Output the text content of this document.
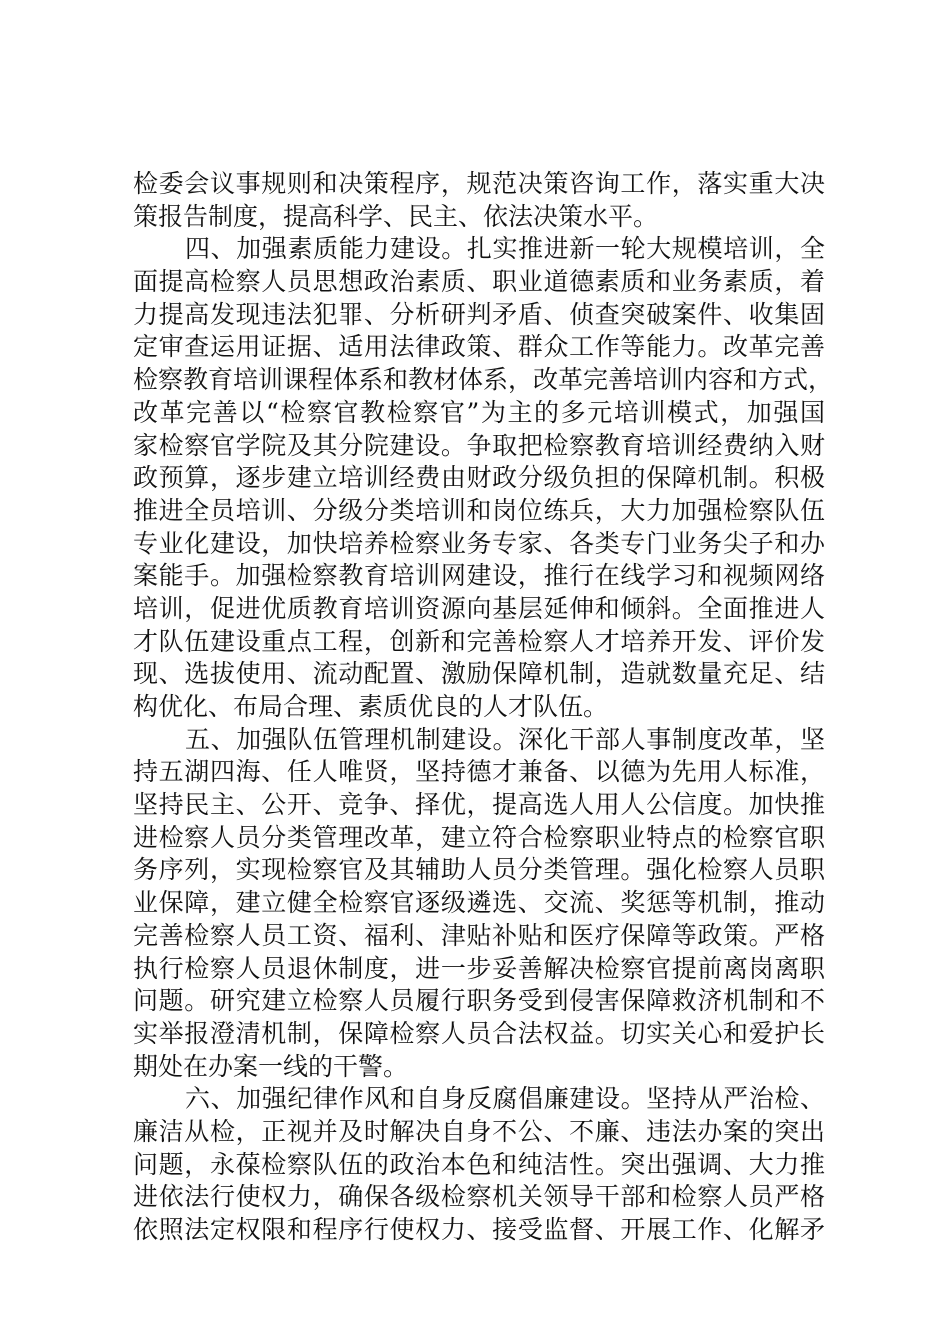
检委会议事规则和决策程序，规范决策咨询工作，落实重大决
策报告制度，提高科学、民主、依法决策水平。
四、加强素质能力建设。扎实推进新一轮大规模培训，全
面提高检察人员思想政治素质、职业道德素质和业务素质，着
力提高发现违法犯罪、分析研判矛盾、侦查突破案件、收集固
定审查运用证据、适用法律政策、群众工作等能力。改革完善
检察教育培训课程体系和教材体系，改革完善培训内容和方式，
改革完善以“检察官教检察官”为主的多元培训模式，加强国
家检察官学院及其分院建设。争取把检察教育培训经费纳入财
政预算，逐步建立培训经费由财政分级负担的保障机制。积极
推进全员培训、分级分类培训和岗位练兵，大力加强检察队伍
专业化建设，加快培养检察业务专家、各类专门业务尖子和办
案能手。加强检察教育培训网建设，推行在线学习和视频网络
培训，促进优质教育培训资源向基层延伸和倾斜。全面推进人
才队伍建设重点工程，创新和完善检察人才培养开发、评价发
现、选拔使用、流动配置、激励保障机制，造就数量充足、结
构优化、布局合理、素质优良的人才队伍。
五、加强队伍管理机制建设。深化干部人事制度改革，坚
持五湖四海、任人唯贤，坚持德才兼备、以德为先用人标准，
坚持民主、公开、竞争、择优，提高选人用人公信度。加快推
进检察人员分类管理改革，建立符合检察职业特点的检察官职
务序列，实现检察官及其辅助人员分类管理。强化检察人员职
业保障，建立健全检察官逐级遴选、交流、奖惩等机制，推动
完善检察人员工资、福利、津贴补贴和医疗保障等政策。严格
执行检察人员退休制度，进一步妥善解决检察官提前离岗离职
问题。研究建立检察人员履行职务受到侵害保障救济机制和不
实举报澄清机制，保障检察人员合法权益。切实关心和爱护长
期处在办案一线的干警。
六、加强纪律作风和自身反腐倡廉建设。坚持从严治检、
廉洁从检，正视并及时解决自身不公、不廉、违法办案的突出
问题，永葆检察队伍的政治本色和纯洁性。突出强调、大力推
进依法行使权力，确保各级检察机关领导干部和检察人员严格
依照法定权限和程序行使权力、接受监督、开展工作、化解矛
